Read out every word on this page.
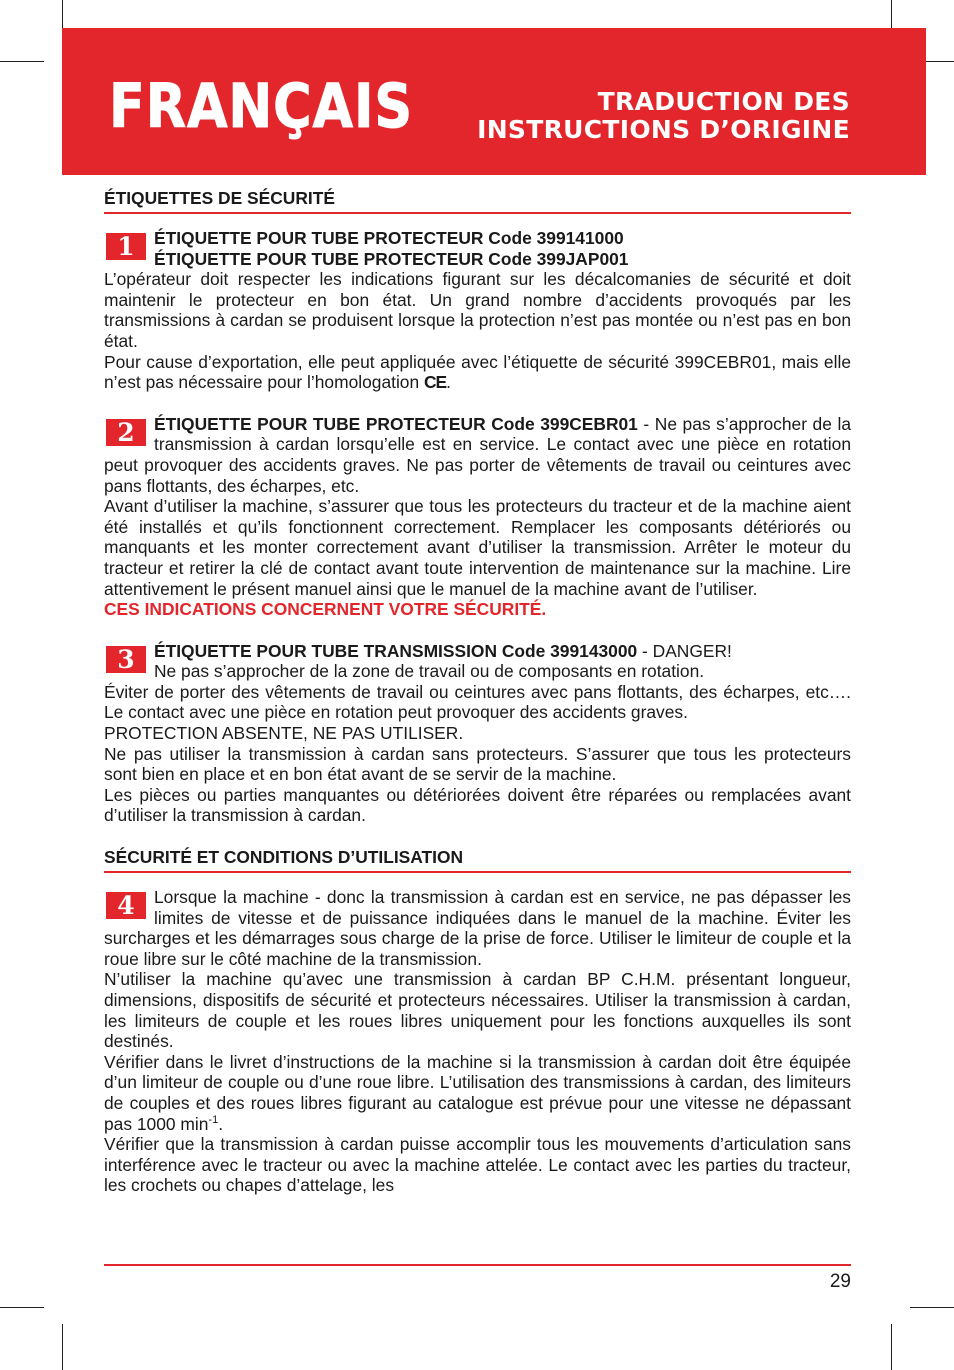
FRANÇAIS	TRADUCTION DES
INSTRUCTIONS D’ORIGINE
ÉTIQUETTES DE SÉCURITÉ
1	ÉTIQUETTE POUR TUBE PROTECTEUR Code 399141000
ÉTIQUETTE POUR TUBE PROTECTEUR Code 399JAP001

L’opérateur doit respecter les indications figurant sur les décalcomanies de sécurité et doit maintenir le protecteur en bon état. Un grand nombre d’accidents provoqués par les transmissions à cardan se produisent lorsque la protection n’est pas montée ou n’est pas en bon état.

Pour cause d’exportation, elle peut appliquée avec l’étiquette de sécurité 399CEBR01, mais elle n’est pas nécessaire pour l’homologation CE.

2	ÉTIQUETTE POUR TUBE PROTECTEUR Code 399CEBR01 - Ne pas s’approcher de la transmission à cardan lorsqu’elle est en service. Le contact avec une pièce en rotation peut provoquer des accidents graves. Ne pas porter de vêtements de travail ou ceintures avec pans flottants, des écharpes, etc.

Avant d’utiliser la machine, s’assurer que tous les protecteurs du tracteur et de la machine aient été installés et qu’ils fonctionnent correctement. Remplacer les composants détériorés ou manquants et les monter correctement avant d’utiliser la transmission. Arrêter le moteur du tracteur et retirer la clé de contact avant toute intervention de maintenance sur la machine. Lire attentivement le présent manuel ainsi que le manuel de la machine avant de l’utiliser.

CES INDICATIONS CONCERNENT VOTRE SÉCURITÉ.
3	ÉTIQUETTE POUR TUBE TRANSMISSION Code 399143000 - DANGER!
Ne pas s’approcher de la zone de travail ou de composants en rotation.

Éviter de porter des vêtements de travail ou ceintures avec pans flottants, des écharpes, etc…. Le contact avec une pièce en rotation peut provoquer des accidents graves.

PROTECTION ABSENTE, NE PAS UTILISER.

Ne pas utiliser la transmission à cardan sans protecteurs. S’assurer que tous les protecteurs sont bien en place et en bon état avant de se servir de la machine.

Les pièces ou parties manquantes ou détériorées doivent être réparées ou remplacées avant d’utiliser la transmission à cardan.

SÉCURITÉ ET CONDITIONS D’UTILISATION
4	Lorsque la machine - donc la transmission à cardan est en service, ne pas dépasser les limites de vitesse et de puissance indiquées dans le manuel de la machine. Éviter les surcharges et les démarrages sous charge de la prise de force. Utiliser le limiteur de couple et la roue libre sur le côté machine de la transmission.

N’utiliser la machine qu’avec une transmission à cardan BP C.H.M. présentant longueur, dimensions, dispositifs de sécurité et protecteurs nécessaires. Utiliser la transmission à cardan, les limiteurs de couple et les roues libres uniquement pour les fonctions auxquelles ils sont destinés.

Vérifier dans le livret d’instructions de la machine si la transmission à cardan doit être équipée d’un limiteur de couple ou d’une roue libre. L’utilisation des transmissions à cardan, des limiteurs de couples et des roues libres figurant au catalogue est prévue pour une vitesse ne dépassant pas 1000 $\min^{-1}$.

Vérifier que la transmission à cardan puisse accomplir tous les mouvements d’articulation sans interférence avec le tracteur ou avec la machine attelée. Le contact avec les parties du tracteur, les crochets ou chapes d’attelage, les

29
